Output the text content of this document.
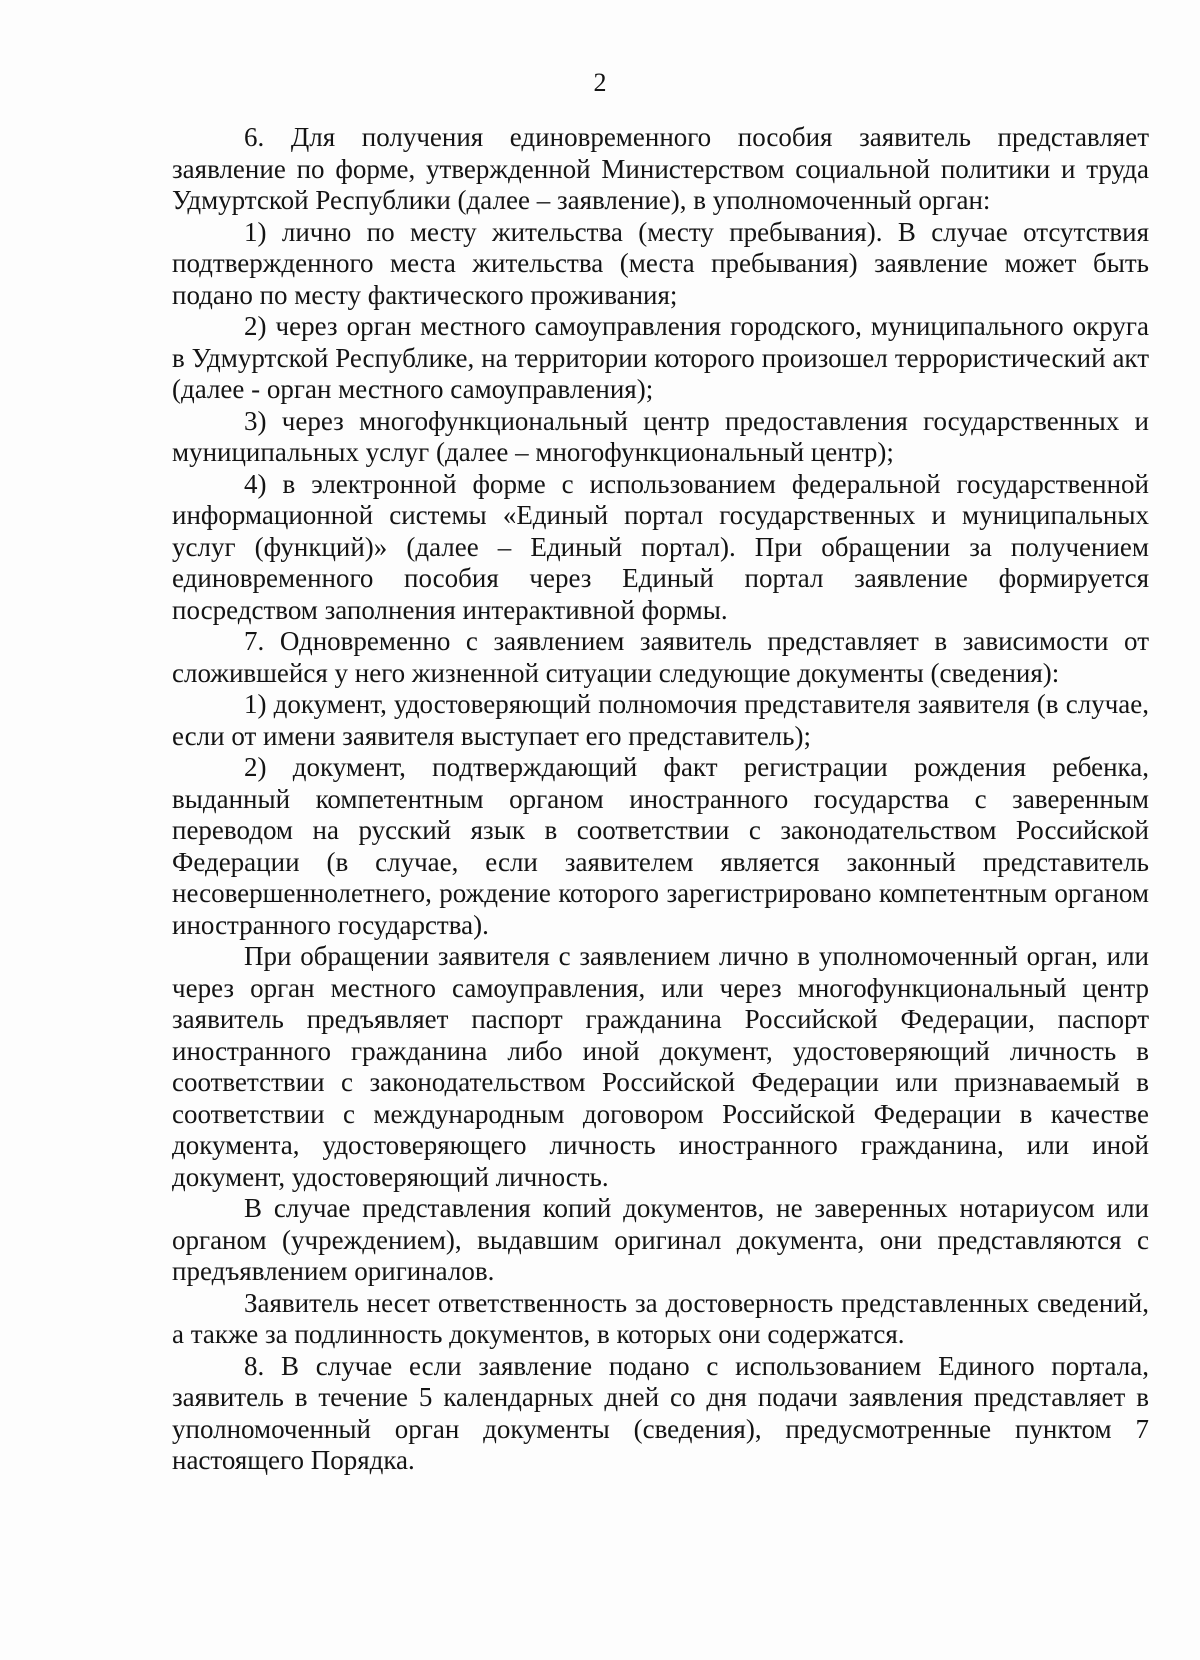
2

6. Для получения единовременного пособия заявитель представляет заявление по форме, утвержденной Министерством социальной политики и труда Удмуртской Республики (далее – заявление), в уполномоченный орган:

1) лично по месту жительства (месту пребывания). В случае отсутствия подтвержденного места жительства (места пребывания) заявление может быть подано по месту фактического проживания;

2) через орган местного самоуправления городского, муниципального округа в Удмуртской Республике, на территории которого произошел террористический акт (далее - орган местного самоуправления);

3) через многофункциональный центр предоставления государственных и муниципальных услуг (далее – многофункциональный центр);

4) в электронной форме с использованием федеральной государственной информационной системы «Единый портал государственных и муниципальных услуг (функций)» (далее – Единый портал). При обращении за получением единовременного пособия через Единый портал заявление формируется посредством заполнения интерактивной формы.

7. Одновременно с заявлением заявитель представляет в зависимости от сложившейся у него жизненной ситуации следующие документы (сведения):

1) документ, удостоверяющий полномочия представителя заявителя (в случае, если от имени заявителя выступает его представитель);

2) документ, подтверждающий факт регистрации рождения ребенка, выданный компетентным органом иностранного государства с заверенным переводом на русский язык в соответствии с законодательством Российской Федерации (в случае, если заявителем является законный представитель несовершеннолетнего, рождение которого зарегистрировано компетентным органом иностранного государства).

При обращении заявителя с заявлением лично в уполномоченный орган, или через орган местного самоуправления, или через многофункциональный центр заявитель предъявляет паспорт гражданина Российской Федерации, паспорт иностранного гражданина либо иной документ, удостоверяющий личность в соответствии с законодательством Российской Федерации или признаваемый в соответствии с международным договором Российской Федерации в качестве документа, удостоверяющего личность иностранного гражданина, или иной документ, удостоверяющий личность.

В случае представления копий документов, не заверенных нотариусом или органом (учреждением), выдавшим оригинал документа, они представляются с предъявлением оригиналов.

Заявитель несет ответственность за достоверность представленных сведений, а также за подлинность документов, в которых они содержатся.

8. В случае если заявление подано с использованием Единого портала, заявитель в течение 5 календарных дней со дня подачи заявления представляет в уполномоченный орган документы (сведения), предусмотренные пунктом 7 настоящего Порядка.
